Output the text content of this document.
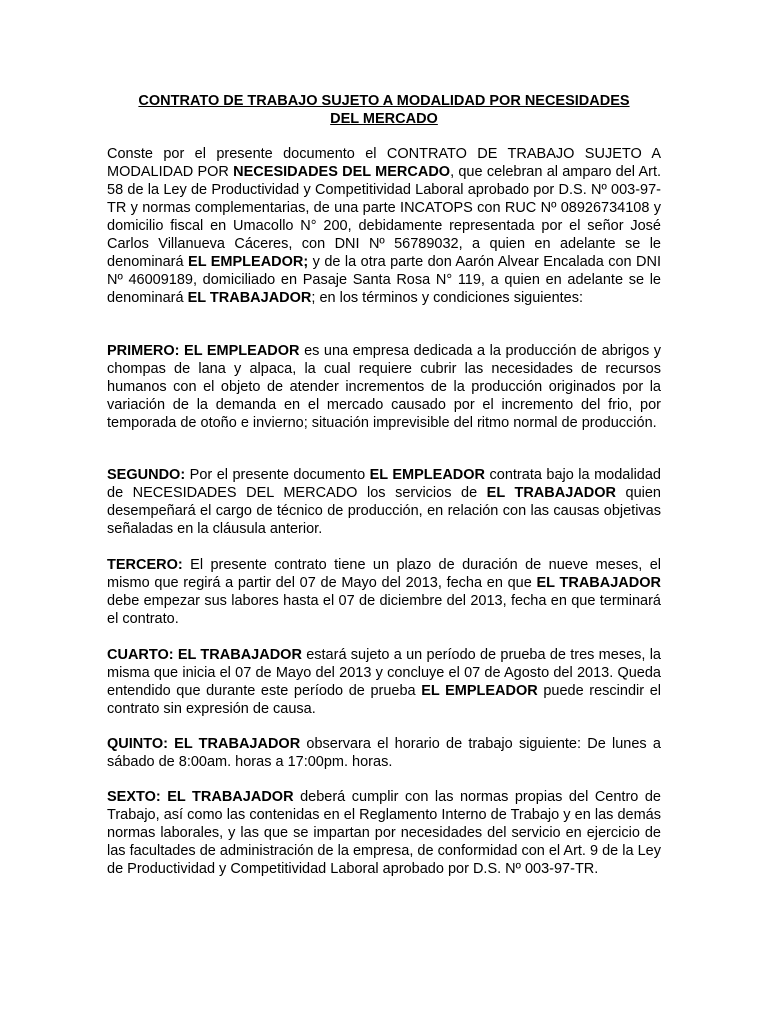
CONTRATO DE TRABAJO SUJETO A MODALIDAD POR NECESIDADES
DEL MERCADO

Conste por el presente documento el CONTRATO DE TRABAJO SUJETO A MODALIDAD POR NECESIDADES DEL MERCADO, que celebran al amparo del Art. 58 de la Ley de Productividad y Competitividad Laboral aprobado por D.S. Nº 003-97-TR y normas complementarias, de una parte INCATOPS con RUC Nº 08926734108 y domicilio fiscal en Umacollo N° 200, debidamente representada por el señor José Carlos Villanueva Cáceres, con DNI Nº 56789032, a quien en adelante se le denominará EL EMPLEADOR; y de la otra parte don Aarón Alvear Encalada con DNI Nº 46009189, domiciliado en Pasaje Santa Rosa N° 119, a quien en adelante se le denominará EL TRABAJADOR; en los términos y condiciones siguientes:

PRIMERO: EL EMPLEADOR es una empresa dedicada a la producción de abrigos y chompas de lana y alpaca, la cual requiere cubrir las necesidades de recursos humanos con el objeto de atender incrementos de la producción originados por la variación de la demanda en el mercado causado por el incremento del frio, por temporada de otoño e invierno; situación imprevisible del ritmo normal de producción.

SEGUNDO: Por el presente documento EL EMPLEADOR contrata bajo la modalidad de NECESIDADES DEL MERCADO los servicios de EL TRABAJADOR quien desempeñará el cargo de técnico de producción, en relación con las causas objetivas señaladas en la cláusula anterior.

TERCERO: El presente contrato tiene un plazo de duración de nueve meses, el mismo que regirá a partir del 07 de Mayo del 2013, fecha en que EL TRABAJADOR debe empezar sus labores hasta el 07 de diciembre del 2013, fecha en que terminará el contrato.

CUARTO: EL TRABAJADOR estará sujeto a un período de prueba de tres meses, la misma que inicia el 07 de Mayo del 2013 y concluye el 07 de Agosto del 2013. Queda entendido que durante este período de prueba EL EMPLEADOR puede rescindir el contrato sin expresión de causa.

QUINTO: EL TRABAJADOR observara el horario de trabajo siguiente: De lunes a sábado de 8:00am. horas a 17:00pm. horas.

SEXTO: EL TRABAJADOR deberá cumplir con las normas propias del Centro de Trabajo, así como las contenidas en el Reglamento Interno de Trabajo y en las demás normas laborales, y las que se impartan por necesidades del servicio en ejercicio de las facultades de administración de la empresa, de conformidad con el Art. 9 de la Ley de Productividad y Competitividad Laboral aprobado por D.S. Nº 003-97-TR.
